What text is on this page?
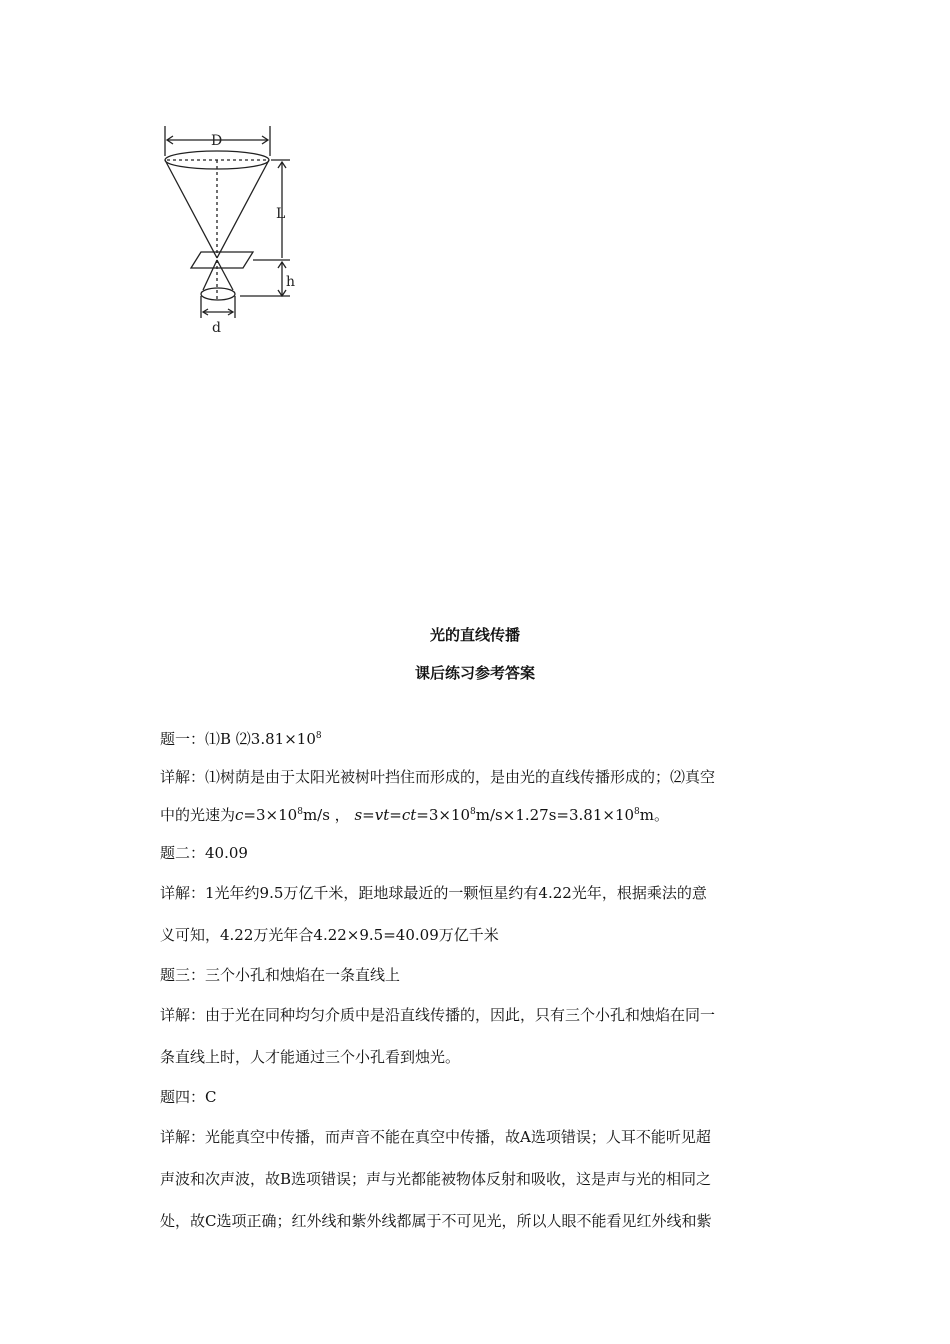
D
L
h
d
光的直线传播
课后练习参考答案
题一：⑴B $⑵3.81\times 10^8$
详解：⑴树荫是由于太阳光被树叶挡住而形成的，是由光的直线传播形成的；⑵真空
中的光速为$c=3\times 10^8m/s$ ， $s=vt=ct=3\times 10^8m/s\times 1.27s=3.81\times 10^8m$。
题二：40.09
详解：1光年约9.5万亿千米，距地球最近的一颗恒星约有4.22光年，根据乘法的意
义可知，4.22万光年合4.22×9.5=40.09万亿千米
题三：三个小孔和烛焰在一条直线上
详解：由于光在同种均匀介质中是沿直线传播的，因此，只有三个小孔和烛焰在同一
条直线上时，人才能通过三个小孔看到烛光。
题四：C
详解：光能真空中传播，而声音不能在真空中传播，故A选项错误；人耳不能听见超
声波和次声波，故B选项错误；声与光都能被物体反射和吸收，这是声与光的相同之
处，故C选项正确；红外线和紫外线都属于不可见光，所以人眼不能看见红外线和紫
